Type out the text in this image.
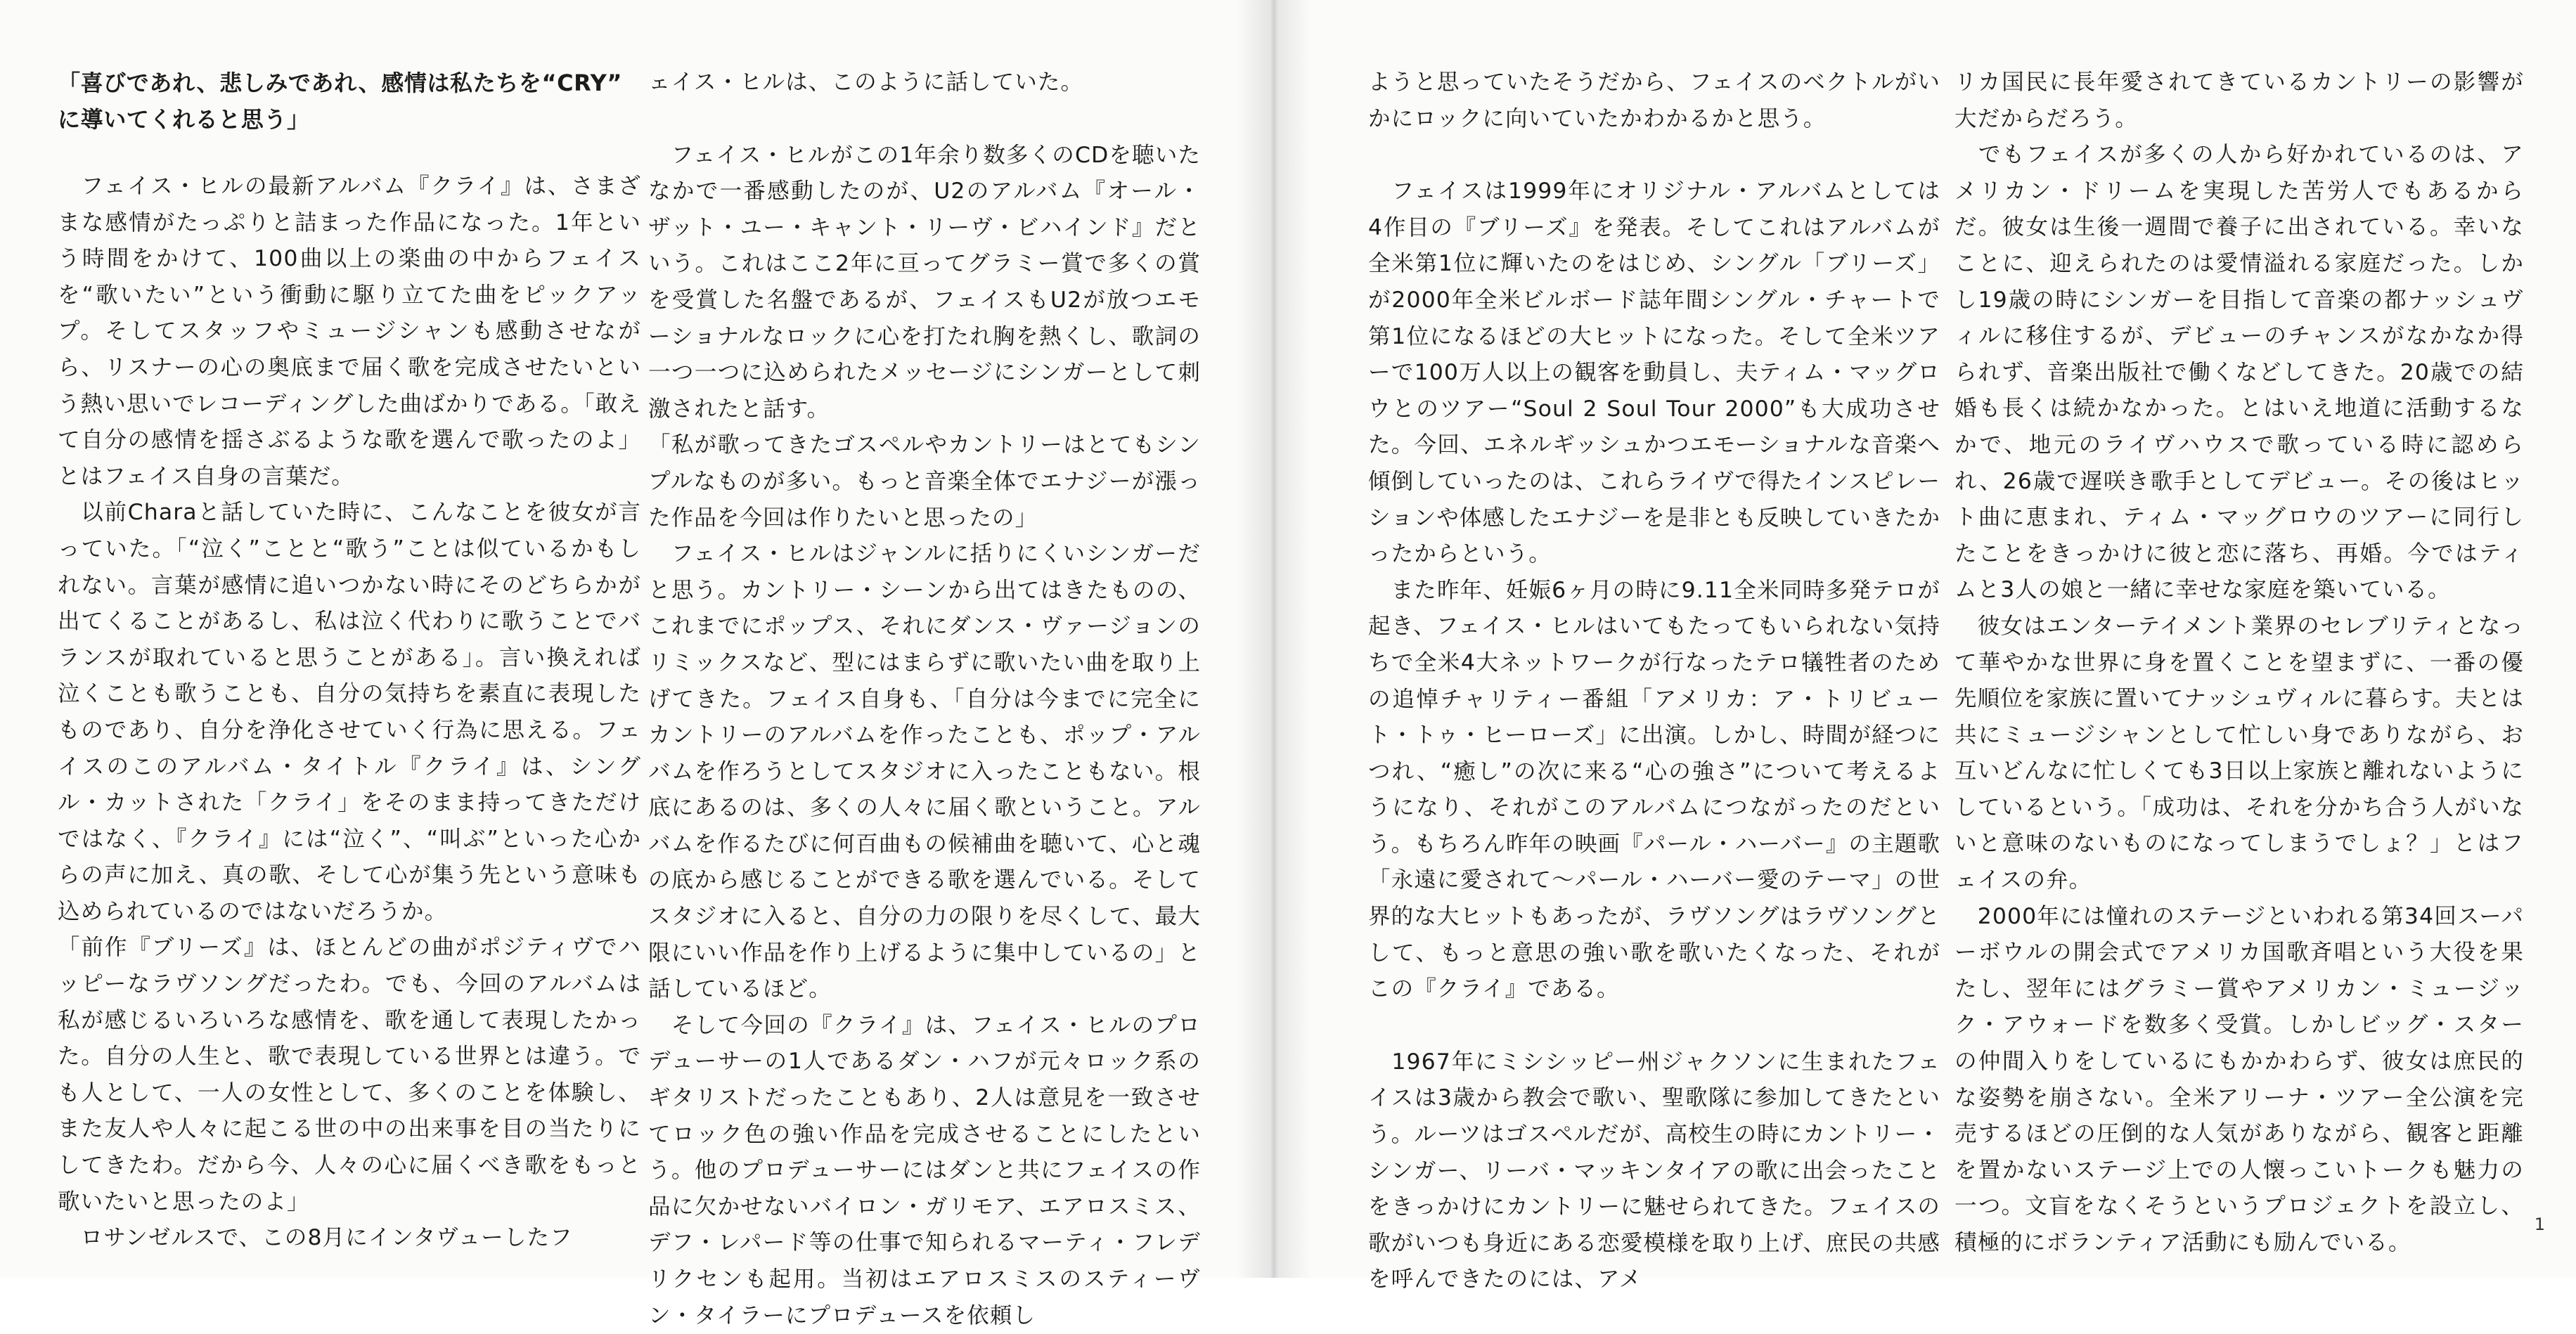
「喜びであれ、悲しみであれ、感情は私たちを“CRY”
に導いてくれると思う」

　フェイス・ヒルの最新アルバム『クライ』は、さまざまな感情がたっぷりと詰まった作品になった。1年という時間をかけて、100曲以上の楽曲の中からフェイスを“歌いたい”という衝動に駆り立てた曲をピックアップ。そしてスタッフやミュージシャンも感動させながら、リスナーの心の奥底まで届く歌を完成させたいという熱い思いでレコーディングした曲ばかりである。「敢えて自分の感情を揺さぶるような歌を選んで歌ったのよ」とはフェイス自身の言葉だ。

　以前Charaと話していた時に、こんなことを彼女が言っていた。「“泣く”ことと“歌う”ことは似ているかもしれない。言葉が感情に追いつかない時にそのどちらかが出てくることがあるし、私は泣く代わりに歌うことでバランスが取れていると思うことがある」。言い換えれば泣くことも歌うことも、自分の気持ちを素直に表現したものであり、自分を浄化させていく行為に思える。フェイスのこのアルバム・タイトル『クライ』は、シングル・カットされた「クライ」をそのまま持ってきただけではなく、『クライ』には“泣く”、“叫ぶ”といった心からの声に加え、真の歌、そして心が集う先という意味も込められているのではないだろうか。

「前作『ブリーズ』は、ほとんどの曲がポジティヴでハッピーなラヴソングだったわ。でも、今回のアルバムは私が感じるいろいろな感情を、歌を通して表現したかった。自分の人生と、歌で表現している世界とは違う。でも人として、一人の女性として、多くのことを体験し、また友人や人々に起こる世の中の出来事を目の当たりにしてきたわ。だから今、人々の心に届くべき歌をもっと歌いたいと思ったのよ」

　ロサンゼルスで、この8月にインタヴューしたフ

ェイス・ヒルは、このように話していた。

　フェイス・ヒルがこの1年余り数多くのCDを聴いたなかで一番感動したのが、U2のアルバム『オール・ザット・ユー・キャント・リーヴ・ビハインド』だという。これはここ2年に亘ってグラミー賞で多くの賞を受賞した名盤であるが、フェイスもU2が放つエモーショナルなロックに心を打たれ胸を熱くし、歌詞の一つ一つに込められたメッセージにシンガーとして刺激されたと話す。

「私が歌ってきたゴスペルやカントリーはとてもシンプルなものが多い。もっと音楽全体でエナジーが漲った作品を今回は作りたいと思ったの」

　フェイス・ヒルはジャンルに括りにくいシンガーだと思う。カントリー・シーンから出てはきたものの、これまでにポップス、それにダンス・ヴァージョンのリミックスなど、型にはまらずに歌いたい曲を取り上げてきた。フェイス自身も、「自分は今までに完全にカントリーのアルバムを作ったことも、ポップ・アルバムを作ろうとしてスタジオに入ったこともない。根底にあるのは、多くの人々に届く歌ということ。アルバムを作るたびに何百曲もの候補曲を聴いて、心と魂の底から感じることができる歌を選んでいる。そしてスタジオに入ると、自分の力の限りを尽くして、最大限にいい作品を作り上げるように集中しているの」と話しているほど。

　そして今回の『クライ』は、フェイス・ヒルのプロデューサーの1人であるダン・ハフが元々ロック系のギタリストだったこともあり、2人は意見を一致させてロック色の強い作品を完成させることにしたという。他のプロデューサーにはダンと共にフェイスの作品に欠かせないバイロン・ガリモア、エアロスミス、デフ・レパード等の仕事で知られるマーティ・フレデリクセンも起用。当初はエアロスミスのスティーヴン・タイラーにプロデュースを依頼し

ようと思っていたそうだから、フェイスのベクトルがいかにロックに向いていたかわかるかと思う。

　フェイスは1999年にオリジナル・アルバムとしては4作目の『ブリーズ』を発表。そしてこれはアルバムが全米第1位に輝いたのをはじめ、シングル「ブリーズ」が2000年全米ビルボード誌年間シングル・チャートで第1位になるほどの大ヒットになった。そして全米ツアーで100万人以上の観客を動員し、夫ティム・マッグロウとのツアー“Soul 2 Soul Tour 2000”も大成功させた。今回、エネルギッシュかつエモーショナルな音楽へ傾倒していったのは、これらライヴで得たインスピレーションや体感したエナジーを是非とも反映していきたかったからという。

　また昨年、妊娠6ヶ月の時に9.11全米同時多発テロが起き、フェイス・ヒルはいてもたってもいられない気持ちで全米4大ネットワークが行なったテロ犠牲者のための追悼チャリティー番組「アメリカ：ア・トリビュート・トゥ・ヒーローズ」に出演。しかし、時間が経つにつれ、“癒し”の次に来る“心の強さ”について考えるようになり、それがこのアルバムにつながったのだという。もちろん昨年の映画『パール・ハーバー』の主題歌「永遠に愛されて～パール・ハーバー愛のテーマ」の世界的な大ヒットもあったが、ラヴソングはラヴソングとして、もっと意思の強い歌を歌いたくなった、それがこの『クライ』である。

　1967年にミシシッピー州ジャクソンに生まれたフェイスは3歳から教会で歌い、聖歌隊に参加してきたという。ルーツはゴスペルだが、高校生の時にカントリー・シンガー、リーバ・マッキンタイアの歌に出会ったことをきっかけにカントリーに魅せられてきた。フェイスの歌がいつも身近にある恋愛模様を取り上げ、庶民の共感を呼んできたのには、アメ

リカ国民に長年愛されてきているカントリーの影響が大だからだろう。

　でもフェイスが多くの人から好かれているのは、アメリカン・ドリームを実現した苦労人でもあるからだ。彼女は生後一週間で養子に出されている。幸いなことに、迎えられたのは愛情溢れる家庭だった。しかし19歳の時にシンガーを目指して音楽の都ナッシュヴィルに移住するが、デビューのチャンスがなかなか得られず、音楽出版社で働くなどしてきた。20歳での結婚も長くは続かなかった。とはいえ地道に活動するなかで、地元のライヴハウスで歌っている時に認められ、26歳で遅咲き歌手としてデビュー。その後はヒット曲に恵まれ、ティム・マッグロウのツアーに同行したことをきっかけに彼と恋に落ち、再婚。今ではティムと3人の娘と一緒に幸せな家庭を築いている。

　彼女はエンターテイメント業界のセレブリティとなって華やかな世界に身を置くことを望まずに、一番の優先順位を家族に置いてナッシュヴィルに暮らす。夫とは共にミュージシャンとして忙しい身でありながら、お互いどんなに忙しくても3日以上家族と離れないようにしているという。「成功は、それを分かち合う人がいないと意味のないものになってしまうでしょ？」とはフェイスの弁。

　2000年には憧れのステージといわれる第34回スーパーボウルの開会式でアメリカ国歌斉唱という大役を果たし、翌年にはグラミー賞やアメリカン・ミュージック・アウォードを数多く受賞。しかしビッグ・スターの仲間入りをしているにもかかわらず、彼女は庶民的な姿勢を崩さない。全米アリーナ・ツアー全公演を完売するほどの圧倒的な人気がありながら、観客と距離を置かないステージ上での人懐っこいトークも魅力の一つ。文盲をなくそうというプロジェクトを設立し、積極的にボランティア活動にも励んでいる。

1
